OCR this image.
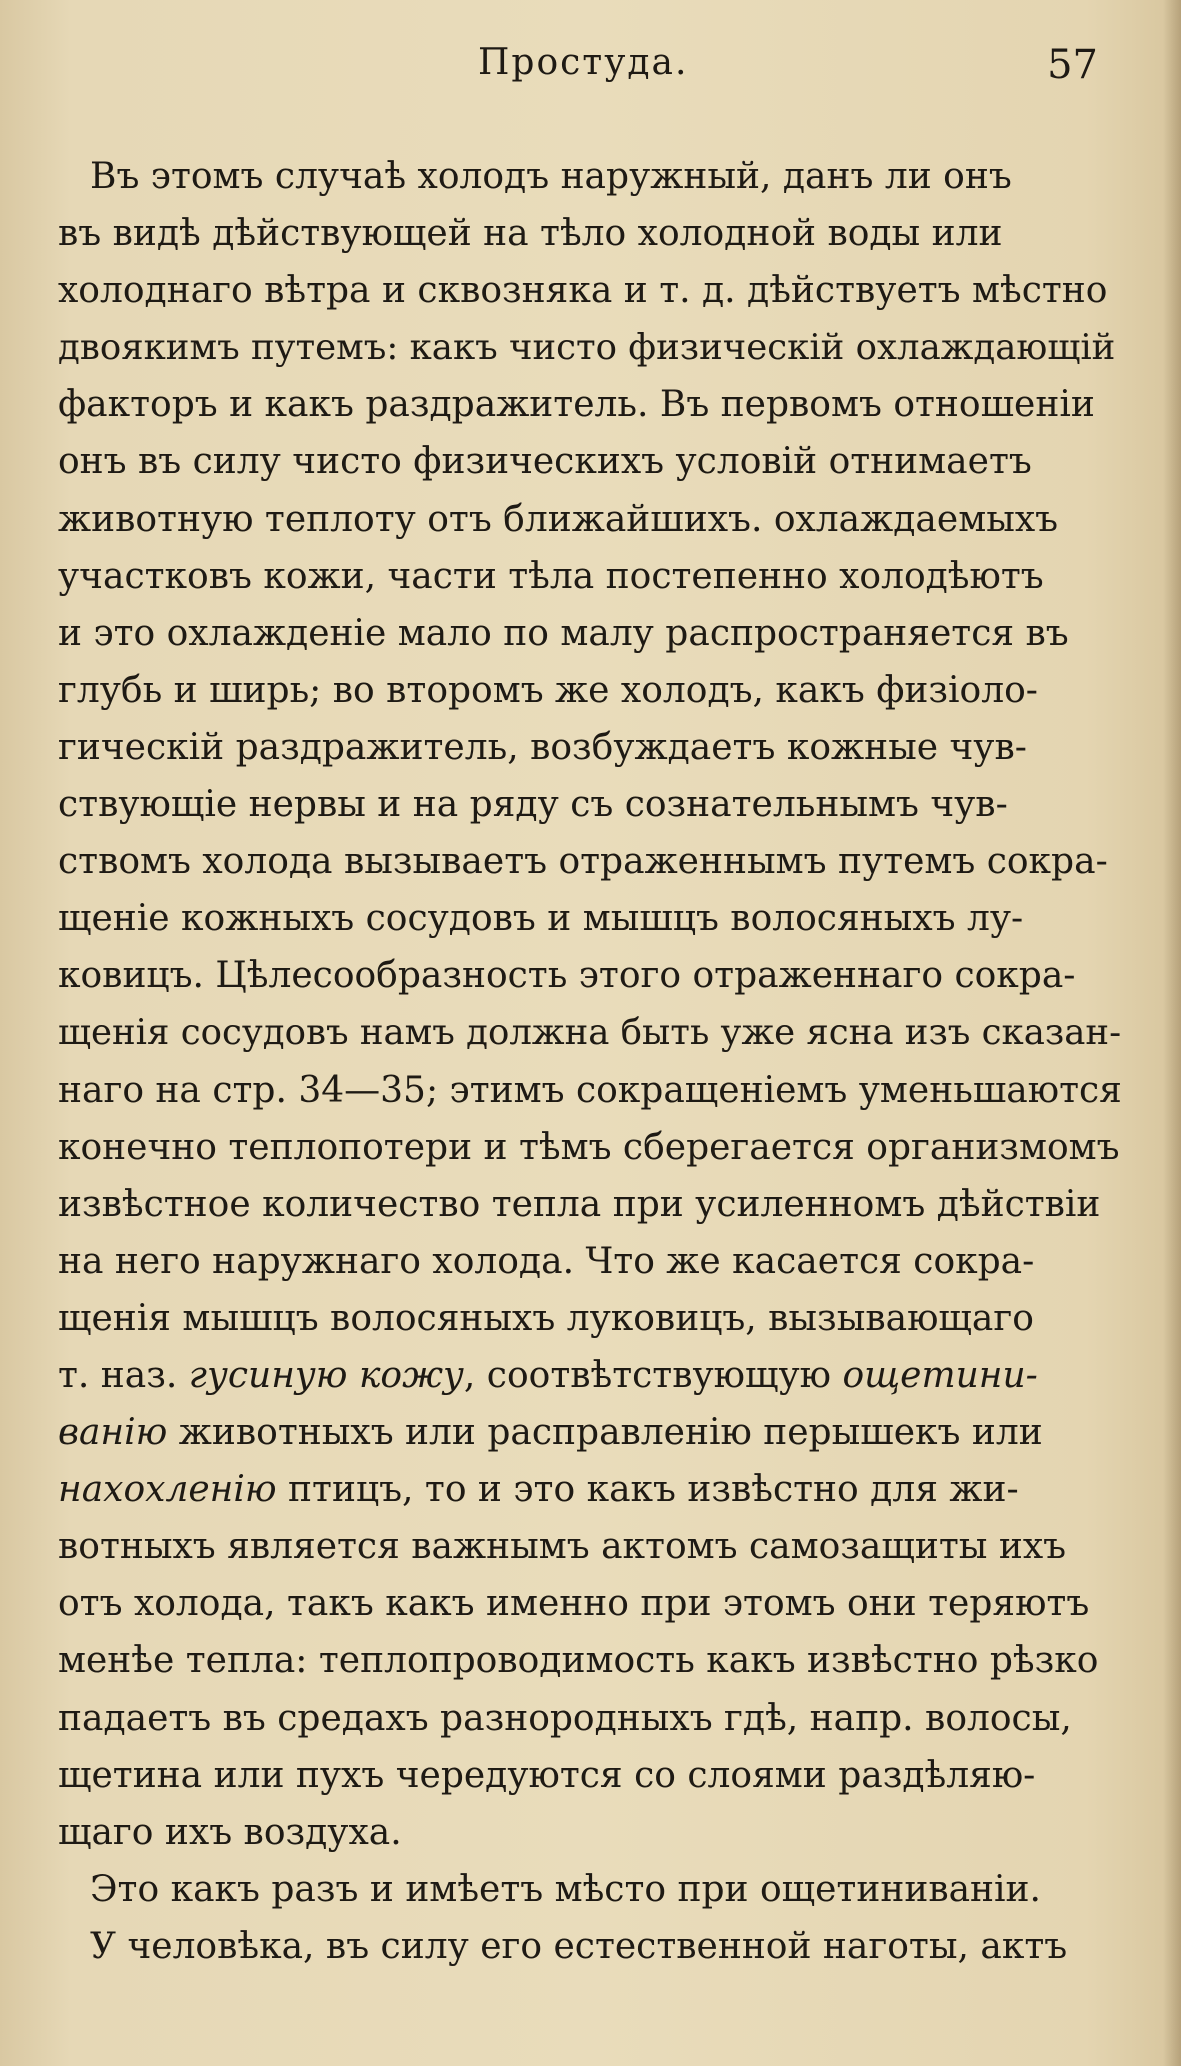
Простуда.	57
Въ этомъ случаѣ холодъ наружный, данъ ли онъ
въ видѣ дѣйствующей на тѣло холодной воды или
холоднаго вѣтра и сквозняка и т. д. дѣйствуетъ мѣстно
двоякимъ путемъ: какъ чисто физическій охлаждающій
факторъ и какъ раздражитель. Въ первомъ отношеніи
онъ въ силу чисто физическихъ условій отнимаетъ
животную теплоту отъ ближайшихъ. охлаждаемыхъ
участковъ кожи, части тѣла постепенно холодѣютъ
и это охлажденіе мало по малу распространяется въ
глубь и ширь; во второмъ же холодъ, какъ физіоло-
гическій раздражитель, возбуждаетъ кожные чув-
ствующіе нервы и на ряду съ сознательнымъ чув-
ствомъ холода вызываетъ отраженнымъ путемъ сокра-
щеніе кожныхъ сосудовъ и мышцъ волосяныхъ лу-
ковицъ. Цѣлесообразность этого отраженнаго сокра-
щенія сосудовъ намъ должна быть уже ясна изъ сказан-
наго на стр. 34—35; этимъ сокращеніемъ уменьшаются
конечно теплопотери и тѣмъ сберегается организмомъ
извѣстное количество тепла при усиленномъ дѣйствіи
на него наружнаго холода. Что же касается сокра-
щенія мышцъ волосяныхъ луковицъ, вызывающаго
т. наз. гусиную кожу, соотвѣтствующую ощетини-
ванію животныхъ или расправленію перышекъ или
нахохленію птицъ, то и это какъ извѣстно для жи-
вотныхъ является важнымъ актомъ самозащиты ихъ
отъ холода, такъ какъ именно при этомъ они теряютъ
менѣе тепла: теплопроводимость какъ извѣстно рѣзко
падаетъ въ средахъ разнородныхъ гдѣ, напр. волосы,
щетина или пухъ чередуются со слоями раздѣляю-
щаго ихъ воздуха.
Это какъ разъ и имѣетъ мѣсто при ощетиниваніи.
У человѣка, въ силу его естественной наготы, актъ
